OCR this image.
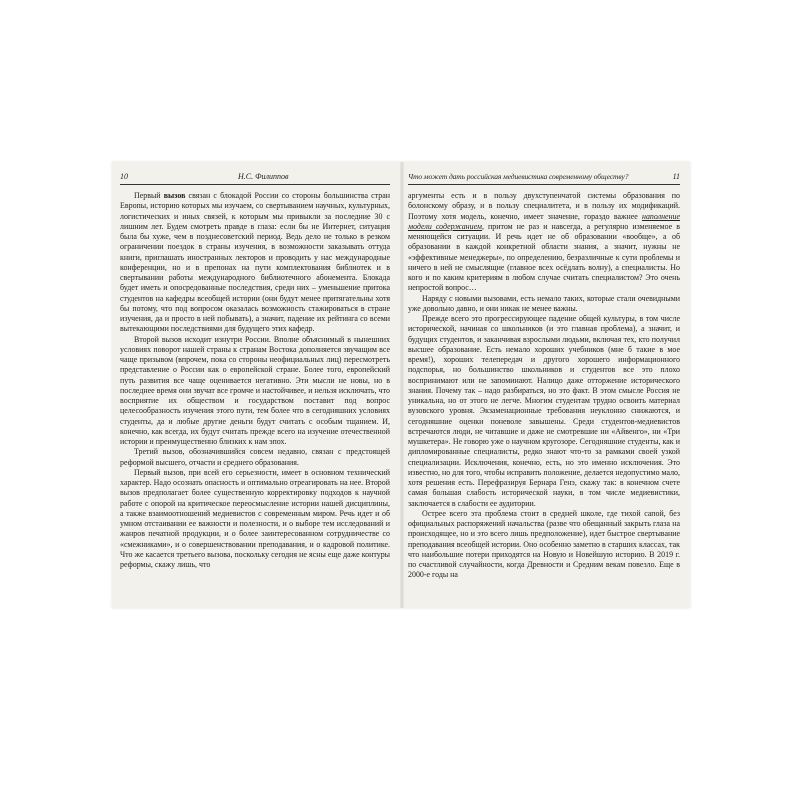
10	Н.С. Филиппов

Первый вызов связан с блокадой России со стороны большинства стран Европы, историю которых мы изучаем, со свертыванием научных, культурных, логистических и иных связей, к которым мы привыкли за последние 30 с лишним лет. Будем смотреть правде в глаза: если бы не Интернет, ситуация была бы хуже, чем в позднесоветский период. Ведь дело не только в резком ограничении поездок в страны изучения, в возможности заказывать оттуда книги, приглашать иностранных лекторов и проводить у нас международные конференции, но и в препонах на пути комплектования библиотек и в свертывании работы международного библиотечного абонемента. Блокада будет иметь и опосредованные последствия, среди них – уменьшение притока студентов на кафедры всеобщей истории (они будут менее притягательны хотя бы потому, что под вопросом оказалась возможность стажироваться в стране изучения, да и просто в ней побывать), а значит, падение их рейтинга со всеми вытекающими последствиями для будущего этих кафедр.

Второй вызов исходит изнутри России. Вполне объяснимый в нынешних условиях поворот нашей страны к странам Востока дополняется звучащим все чаще призывом (впрочем, пока со стороны неофициальных лиц) пересмотреть представление о России как о европейской стране. Более того, европейский путь развития все чаще оценивается негативно. Эти мысли не новы, но в последнее время они звучат все громче и настойчивее, и нельзя исключать, что восприятие их обществом и государством поставит под вопрос целесообразность изучения этого пути, тем более что в сегодняшних условиях студенты, да и любые другие деньги будут считать с особым тщанием. И, конечно, как всегда, их будут считать прежде всего на изучение отечественной истории и преимущественно близких к нам эпох.

Третий вызов, обозначившийся совсем недавно, связан с предстоящей реформой высшего, отчасти и среднего образования.

Первый вызов, при всей его серьезности, имеет в основном технический характер. Надо осознать опасность и оптимально отреагировать на нее. Второй вызов предполагает более существенную корректировку подходов к научной работе с опорой на критическое переосмысление истории нашей дисциплины, а также взаимоотношений медиевистов с современным миром. Речь идет и об умном отстаивании ее важности и полезности, и о выборе тем исследований и жанров печатной продукции, и о более заинтересованном сотрудничестве со «смежниками», и о совершенствовании преподавания, и о кадровой политике. Что же касается третьего вызова, поскольку сегодня не ясны еще даже контуры реформы, скажу лишь, что

Что может дать российская медиевистика современному обществу?	11

аргументы есть и в пользу двухступенчатой системы образования по болонскому образу, и в пользу специалитета, и в пользу их модификаций. Поэтому хотя модель, конечно, имеет значение, гораздо важнее наполнение модели содержанием, притом не раз и навсегда, а регулярно изменяемое в меняющейся ситуации. И речь идет не об образовании «вообще», а об образовании в каждой конкретной области знания, а значит, нужны не «эффективные менеджеры», по определению, безразличные к сути проблемы и ничего в ней не смыслящие (главное всех осёдлать волну), а специалисты. Но кого и по каким критериям в любом случае считать специалистом? Это очень непростой вопрос…

Наряду с новыми вызовами, есть немало таких, которые стали очевидными уже довольно давно, и они никак не менее важны.

Прежде всего это прогрессирующее падение общей культуры, в том числе исторической, начиная со школьников (и это главная проблема), а значит, и будущих студентов, и заканчивая взрослыми людьми, включая тех, кто получил высшее образование. Есть немало хороших учебников (мне б такие в мое время!), хороших телепередач и другого хорошего информационного подспорья, но большинство школьников и студентов все это плохо воспринимают или не запоминают. Налицо даже отторжение исторического знания. Почему так – надо разбираться, но это факт. В этом смысле Россия не уникальна, но от этого не легче. Многим студентам трудно освоить материал вузовского уровня. Экзаменационные требования неуклонно снижаются, и сегодняшние оценки поневоле завышены. Среди студентов-медиевистов встречаются люди, не читавшие и даже не смотревшие ни «Айвенго», ни «Три мушкетера». Не говорю уже о научном кругозоре. Сегодняшние студенты, как и дипломированные специалисты, редко знают что-то за рамками своей узкой специализации. Исключения, конечно, есть, но это именно исключения. Это известно, но для того, чтобы исправить положение, делается недопустимо мало, хотя решения есть. Перефразируя Бернара Генэ, скажу так: в конечном счете самая большая слабость исторической науки, в том числе медиевистики, заключается в слабости ее аудитории.

Острее всего эта проблема стоит в средней школе, где тихой сапой, без официальных распоряжений начальства (разве что обещанный закрыть глаза на происходящее, но и это всего лишь предположение), идет быстрое свертывание преподавания всеобщей истории. Оно особенно заметно в старших классах, так что наибольшие потери приходятся на Новую и Новейшую историю. В 2019 г. по счастливой случайности, когда Древности и Средним векам повезло. Еще в 2000-е годы на
